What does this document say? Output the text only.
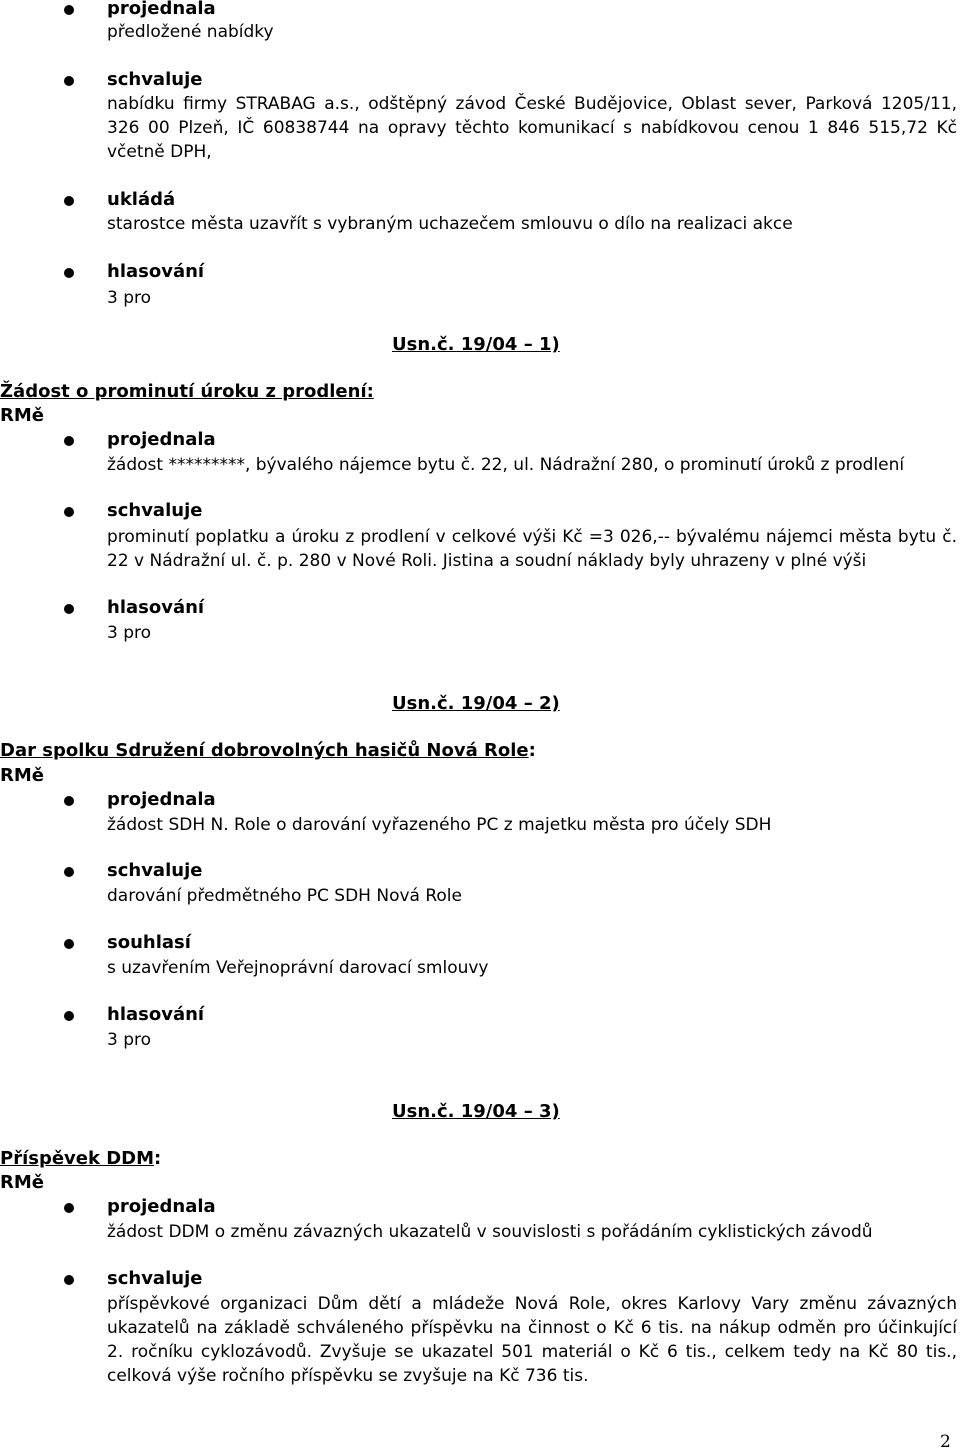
projednala
předložené nabídky
schvaluje
nabídku firmy STRABAG a.s., odštěpný závod České Budějovice, Oblast sever, Parková 1205/11, 326 00 Plzeň, IČ 60838744 na opravy těchto komunikací s nabídkovou cenou 1 846 515,72 Kč včetně DPH,
ukládá
starostce města uzavřít s vybraným uchazečem smlouvu o dílo na realizaci akce
hlasování
3 pro
Usn.č. 19/04 – 1)
Žádost o prominutí úroku z prodlení:
RMě
projednala
žádost *********, bývalého nájemce bytu č. 22, ul. Nádražní 280, o prominutí úroků z prodlení
schvaluje
prominutí poplatku a úroku z prodlení v celkové výši Kč =3 026,-- bývalému nájemci města bytu č. 22 v Nádražní ul. č. p. 280 v Nové Roli. Jistina a soudní náklady byly uhrazeny v plné výši
hlasování
3 pro
Usn.č. 19/04 – 2)
Dar spolku Sdružení dobrovolných hasičů Nová Role:
RMě
projednala
žádost SDH N. Role o darování vyřazeného PC z majetku města pro účely SDH
schvaluje
darování předmětného PC SDH Nová Role
souhlasí
s uzavřením Veřejnoprávní darovací smlouvy
hlasování
3 pro
Usn.č. 19/04 – 3)
Příspěvek DDM:
RMě
projednala
žádost DDM o změnu závazných ukazatelů v souvislosti s pořádáním cyklistických závodů
schvaluje
příspěvkové organizaci Dům dětí a mládeže Nová Role, okres Karlovy Vary změnu závazných ukazatelů na základě schváleného příspěvku na činnost o Kč 6 tis. na nákup odměn pro účinkující 2. ročníku cyklozávodů. Zvyšuje se ukazatel 501 materiál o Kč 6 tis., celkem tedy na Kč 80 tis., celková výše ročního příspěvku se zvyšuje na Kč 736 tis.
2
